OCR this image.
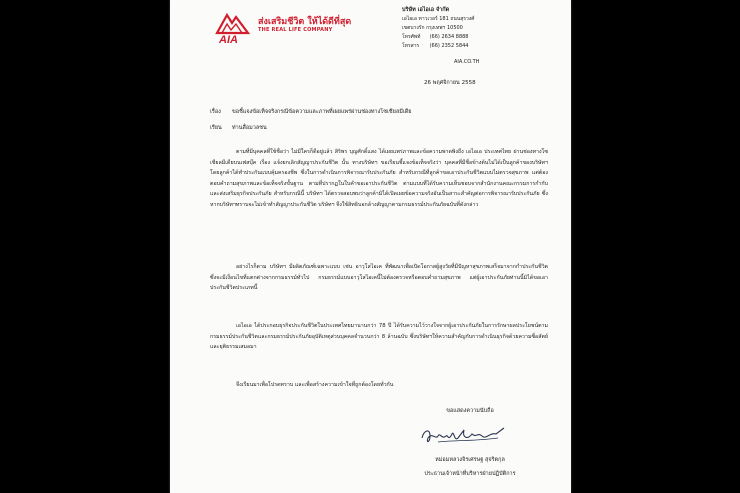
AIA
ส่งเสริมชีวิต ให้ได้ดีที่สุด
THE REAL LIFE COMPANY
บริษัท เอไอเอ จำกัด
เอไอเอ ทาวเวอร์ 181 ถนนสุรวงศ์
เขตบางรัก กรุงเทพฯ 10500
โทรศัพท์ (66) 2634 8888
โทรสาร (66) 2352 5844
AIA.CO.TH
26 พฤศจิกายน 2558
เรื่อง ขอชี้แจงข้อเท็จจริงกรณีข้อความและภาพที่เผยแพร่ผ่านช่องทางโซเชียลมีเดีย
เรียน ท่านสื่อมวลชน
ตามที่มีบุคคลที่ใช้ชื่อว่า ไม่มีใครก็ดีอยู่แล้ว สิริพร บุญศักดิ์แสง ได้เผยแพร่ภาพและข้อความพาดพิงถึง เอไอเอ ประเทศไทย ผ่านช่องทางโซเชียลมีเดียบนเฟสบุ๊ค เรื่อง แจ้งยกเลิกสัญญาประกันชีวิต นั้น ทางบริษัทฯ ขอเรียนชี้แจงข้อเท็จจริงว่า บุคคลที่มีชื่อข้างต้นไม่ได้เป็นลูกค้าของบริษัทฯ โดยลูกค้าได้ทำประกันแบบคุ้มครองชีพ ซึ่งในการดำเนินการพิจารณารับประกันภัย สำหรับกรณีที่ลูกค้าขอเอาประกันชีวิตแบบไม่ตรวจสุขภาพ แต่ต้องตอบคำถามสุขภาพและข้อเท็จจริงขั้นฐาน ตามที่ปรากฏในใบคำขอเอาประกันชีวิต ตามแบบที่ได้รับความเห็นชอบจากสำนักงานคณะกรรมการกำกับและส่งเสริมธุรกิจประกันภัย สำหรับกรณีนี้ บริษัทฯ ได้ตรวจสอบพบว่าลูกค้ามิได้เปิดเผยข้อความจริงอันเป็นสาระสำคัญต่อการพิจารณารับประกันภัย ซึ่งหากบริษัทฯทราบจะไม่เข้าทำสัญญาประกันชีวิต บริษัทฯ จึงใช้สิทธิบอกล้างสัญญาตามกรมธรรม์ประกันภัยฉบับที่ดังกล่าว
อย่างไรก็ตาม บริษัทฯ มีผลิตภัณฑ์เฉพาะแบบ เช่น อาวุโสไอเค ที่พัฒนาเพื่อเปิดโอกาสผู้สูงวัยที่มีปัญหาสุขภาพเสร็จมาจากกำประกันชีวิต ซึ่งจะมีเงื่อนไขที่แตกต่างจากกรมธรรม์ทั่วไป กรมธรรม์แบบอาวุโสไอเคนี้ไม่ต้องตรวจหรือตอบคำถามสุขภาพ แต่ผู้เอาประกันภัยท่านนี้มิได้ขอเอาประกันชีวิตประเภทนี้
เอไอเอ ได้ประกอบธุรกิจประกันชีวิตในประเทศไทยมานานกว่า 78 ปี ได้รับความไว้วางใจจากผู้เอาประกันภัยในการรักษาผลประโยชน์ตามกรมธรรม์ประกันชีวิตและกรมธรรม์ประกันภัยอุบัติเหตุส่วนบุคคลจำนวนกว่า 8 ล้านฉบับ ซึ่งบริษัทฯให้ความสำคัญกับการดำเนินธุรกิจด้วยความซื่อสัตย์และยุติธรรมเสมอมา
จึงเรียนมาเพื่อโปรดทราบ และเพื่อสร้างความเข้าใจที่ถูกต้องโดยทั่วกัน
ขอแสดงความนับถือ
หม่อมหลวงจิรเศรษฐ สุจริตกุล
ประธานเจ้าหน้าที่บริหารฝ่ายปฏิบัติการ
